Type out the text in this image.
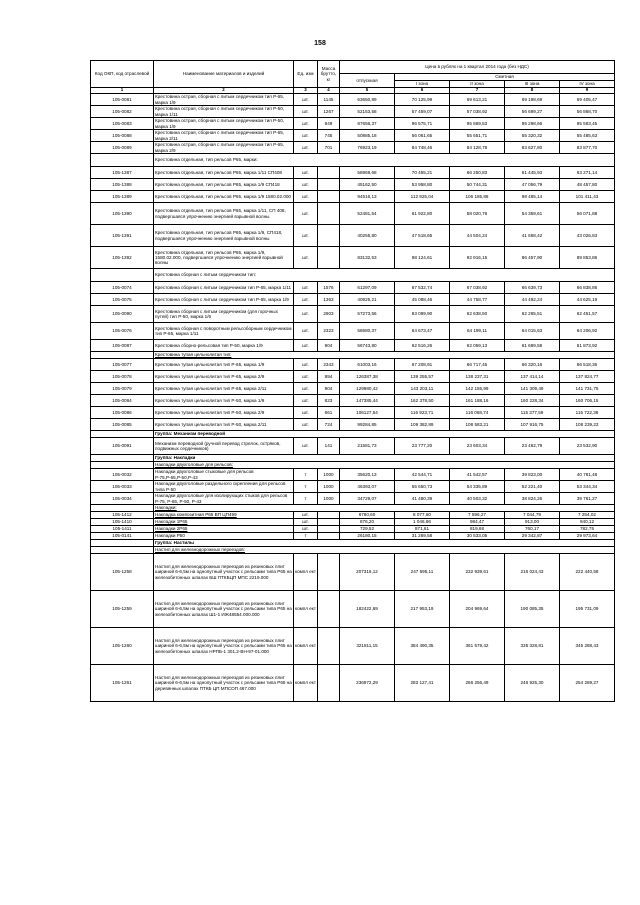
158
Код ОКП, код отраслевой	Наименование материалов и изделий	Ед. изм	Масса брутто, кг	Цена в рублях на 1 квартал 2014 года (без НДС)				
				отпускная	Сметная			
					I зона	II зона	III зона	IV зона
1	2	3	4	5	6	7	8	9
105-0081	Крестовина острая, сборная с литым сердечником тип Р-65, марка 1/9	шт.	1145	63650,89	70 125,99	69 613,21	69 198,69	69 405,47
105-0082	Крестовина острая, сборная с литым сердечником тип Р-50, марка 1/11	шт.	1267	52153,58	57 459,07	57 038,92	56 699,27	56 868,70
105-0083	Крестовина острая, сборная с литым сердечником тип Р-50, марка 1/9	шт.	949	87656,37	96 575,71	95 869,53	95 298,66	95 583,45
105-0088	Крестовина острая, сборная с литым сердечником тип Р-65, марка 2/11	шт.	745	50885,18	56 061,65	55 651,71	55 320,32	55 485,63
105-0089	Крестовина острая, сборная с литым сердечником тип Р-65, марка 2/9	шт.	701	76923,19	84 748,46	84 128,78	83 627,80	83 877,70
	Крестовина отдельная, тип рельсов Р65, марки:							
105-1387	Крестовина отдельная, тип рельсов Р65, марка 1/11 СП408	шт.		58969,68	70 455,21	66 250,83	61 445,93	63 271,14
105-1388	Крестовина отдельная, тип рельсов Р65, марка 1/9 СП418	шт.		45162,50	53 958,80	50 744,31	47 056,79	48 457,80
105-1389	Крестовина отдельная, тип рельсов Р65, марка 1/9 1580.02.000	шт.		94516,13	112 925,04	106 185,88	98 485,14	101 411,43
105-1390	Крестовина отдельная, тип рельсов Р65, марка 1/11, СП 408, подвергшаяся упрочнению энергией взрывной волны	шт.		52481,54	61 922,80	58 020,76	54 359,61	56 071,88
105-1391	Крестовина отдельная, тип рельсов Р65, марка 1/9, СП418, подвергшаяся упрочнению энергией взрывной волны	шт.		40255,80	47 518,65	44 504,24	41 668,42	43 026,83
105-1392	Крестовина отдельная, тип рельсов Р65, марка 1/9, 1580.02.000, подвергшаяся упрочнению энергией взрывной волны	шт.		83132,53	98 124,61	92 916,15	86 457,90	89 853,86
	Крестовина сборная с литым сердечником тип:							
105-0074	Крестовина сборная с литым сердечником тип Р-65, марка 1/11	шт.	1576	61297,09	67 532,74	67 038,92	66 639,73	66 838,86
105-0075	Крестовина сборная с литым сердечником тип Р-65, марка 1/9	шт.	1363	40925,21	45 088,46	44 758,77	44 492,24	44 625,19
105-0090	Крестовина сборная с литым сердечником (для горочных путей) тип Р-50, марка 1/6	шт.	2903	57273,56	63 099,90	62 638,50	62 265,51	62 451,57
105-0076	Крестовина сборная с поворотным рельсоборным сердечником тип Р-65, марка 1/11	шт.	2323	58680,37	64 673,47	64 199,11	64 015,63	64 206,92
105-0087	Крестовина сборно-рельсовая тип Р-50, марка 1/9	шт.	904	56743,80	62 516,26	62 059,13	61 689,58	61 873,92
	Крестовина тупая цельнолитая тип:							
105-0077	Крестовина тупая цельнолитая тип Р-65, марка 1/9	шт.	2343	61003,16	67 208,91	66 717,45	66 320,16	66 518,36
105-0078	Крестовина тупая цельнолитая тип Р-65, марка 2/9	шт.	894	126387,38	139 255,57	138 237,31	137 414,14	137 824,77
105-0079	Крестовина тупая цельнолитая тип Р-65, марка 2/11	шт.	904	129980,42	143 203,11	142 155,99	141 309,49	141 731,75
105-0084	Крестовина тупая цельнолитая тип Р-50, марка 1/9	шт.	823	147385,44	162 378,50	161 188,16	160 228,34	160 706,15
105-0086	Крестовина тупая цельнолитая тип Р-50, марка 2/9	шт.	661	106127,54	116 923,71	116 068,74	115 377,59	115 722,36
105-0085	Крестовина тупая цельнолитая тип Р-50, марка 2/11	шт.	724	99284,85	109 382,89	108 583,21	107 916,75	108 239,23
	Группа: Механизм переводной							
105-0091	Механизм переводной (ручной перевод стрелок, остряков, подвижных сердечников)	шт.	141	21581,73	23 777,20	23 603,34	23 462,79	23 532,90
	Группа: Накладки							
	Накладки двухголовые для рельсов:							
105-0032	Накладки двухголовые стыковые для рельсов Р-75,Р-65,Р-50,Р-43	т	1000	35620,13	42 544,71	41 542,57	39 823,00	40 781,48
105-0033	Накладки двухголовые раздельного скрепления для рельсов типа Р-50	т	1000	46393,07	55 650,73	54 335,89	52 221,40	53 344,34
105-0034	Накладки двухголовые для изолирующих стыков для рельсов Р-75, Р-65, Р-50, Р-43	т	1000	34729,07	41 480,39	40 503,32	38 824,26	39 761,27
	Накладки:							
105-1412	Накладка композитная Р65 ВП ЦП499	шт.		6760,60	8 077,60	7 596,27	7 044,79	7 254,02
105-1410	Накладки 1Р65	шт.		876,20	1 046,86	984,47	913,00	940,12
105-1411	Накладки 2Р65	шт.		729,52	871,61	819,68	760,17	782,75
105-0141	Накладки Р50	т		26180,15	31 269,58	30 533,05	29 342,87	29 973,64
	Группа: Настилы							
	Настил для железнодорожных переездов:							
105-1258	Настил для железнодорожных переездов из резиновых плит шириной 6-6,5м на однопутный участок с рельсами типа Р65 на железобетонных шпалах БШ ПТКБЦП МПС 2219.000	компл ект		207316,12	247 695,11	232 939,61	216 024,43	222 440,58
105-1259	Настил для железнодорожных переездов из резиновых плит шириной 6-6,5м на однопутный участок с рельсами типа Р65 на железобетонных шпалах Ш1-1 ИЖ48554.000.000	компл ект		182422,69	217 953,19	204 969,64	190 085,35	195 731,09
105-1260	Настил для железнодорожных переездов из резиновых плит шириной 6-6,5м на однопутный участок с рельсами типа Р65 на железобетонных шпалах НРПБ-1 301.2-ВН-97-01.000	компл ект		321811,15	384 490,35	361 579,42	335 328,81	345 288,43
105-1261	Настил для железнодорожных переездов из резиновых плит шириной 6-6,5м на однопутный участок с рельсами типа Р65 на деревянных шпалах ПТКБ ЦП МПСОП 467.000	компл ект		236972,29	283 127,41	266 256,49	246 925,30	254 269,27
